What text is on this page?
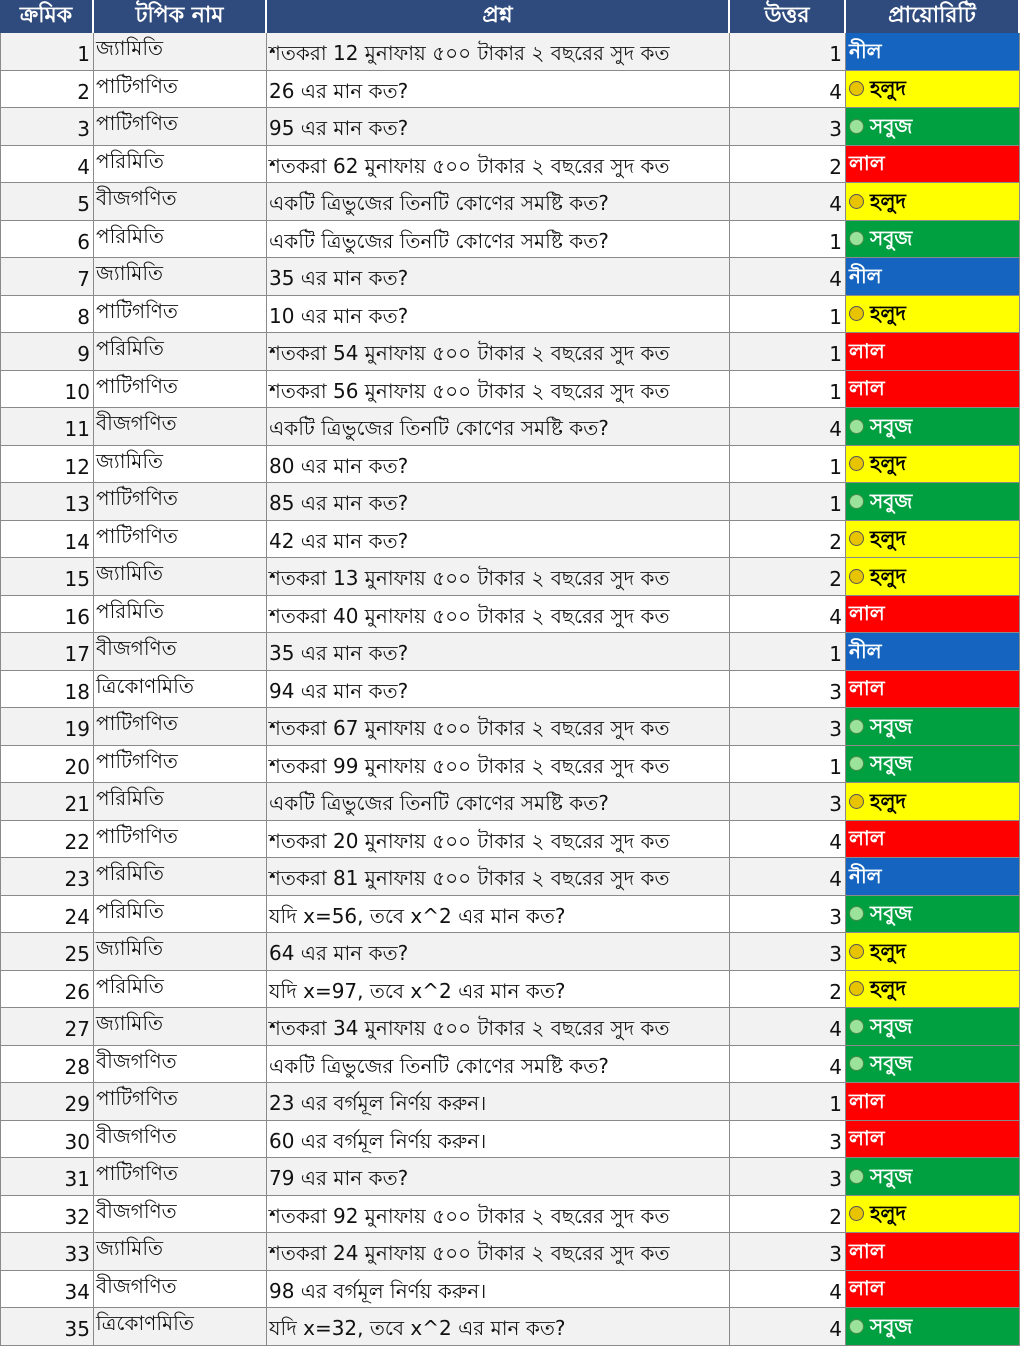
ক্রমিক	টপিক নাম	প্রশ্ন	উত্তর	প্রায়োরিটি
1 জ্যামিতি	শতকরা 12 মুনাফায় ৫০০ টাকার ২ বছরের সুদ কত	1 নীল
2 পাটিগণিত	26 এর মান কত?	4 হলুদ
3 পাটিগণিত	95 এর মান কত?	3 সবুজ
4 পরিমিতি	শতকরা 62 মুনাফায় ৫০০ টাকার ২ বছরের সুদ কত	2 লাল
5 বীজগণিত	একটি ত্রিভুজের তিনটি কোণের সমষ্টি কত?	4 হলুদ
6 পরিমিতি	একটি ত্রিভুজের তিনটি কোণের সমষ্টি কত?	1 সবুজ
7 জ্যামিতি	35 এর মান কত?	4 নীল
8 পাটিগণিত	10 এর মান কত?	1 হলুদ
9 পরিমিতি	শতকরা 54 মুনাফায় ৫০০ টাকার ২ বছরের সুদ কত	1 লাল
10 পাটিগণিত	শতকরা 56 মুনাফায় ৫০০ টাকার ২ বছরের সুদ কত	1 লাল
11 বীজগণিত	একটি ত্রিভুজের তিনটি কোণের সমষ্টি কত?	4 সবুজ
12 জ্যামিতি	80 এর মান কত?	1 হলুদ
13 পাটিগণিত	85 এর মান কত?	1 সবুজ
14 পাটিগণিত	42 এর মান কত?	2 হলুদ
15 জ্যামিতি	শতকরা 13 মুনাফায় ৫০০ টাকার ২ বছরের সুদ কত	2 হলুদ
16 পরিমিতি	শতকরা 40 মুনাফায় ৫০০ টাকার ২ বছরের সুদ কত	4 লাল
17 বীজগণিত	35 এর মান কত?	1 নীল
18 ত্রিকোণমিতি	94 এর মান কত?	3 লাল
19 পাটিগণিত	শতকরা 67 মুনাফায় ৫০০ টাকার ২ বছরের সুদ কত	3 সবুজ
20 পাটিগণিত	শতকরা 99 মুনাফায় ৫০০ টাকার ২ বছরের সুদ কত	1 সবুজ
21 পরিমিতি	একটি ত্রিভুজের তিনটি কোণের সমষ্টি কত?	3 হলুদ
22 পাটিগণিত	শতকরা 20 মুনাফায় ৫০০ টাকার ২ বছরের সুদ কত	4 লাল
23 পরিমিতি	শতকরা 81 মুনাফায় ৫০০ টাকার ২ বছরের সুদ কত	4 নীল
24 পরিমিতি	যদি x=56, তবে x^2 এর মান কত?	3 সবুজ
25 জ্যামিতি	64 এর মান কত?	3 হলুদ
26 পরিমিতি	যদি x=97, তবে x^2 এর মান কত?	2 হলুদ
27 জ্যামিতি	শতকরা 34 মুনাফায় ৫০০ টাকার ২ বছরের সুদ কত	4 সবুজ
28 বীজগণিত	একটি ত্রিভুজের তিনটি কোণের সমষ্টি কত?	4 সবুজ
29 পাটিগণিত	23 এর বর্গমূল নির্ণয় করুন।	1 লাল
30 বীজগণিত	60 এর বর্গমূল নির্ণয় করুন।	3 লাল
31 পাটিগণিত	79 এর মান কত?	3 সবুজ
32 বীজগণিত	শতকরা 92 মুনাফায় ৫০০ টাকার ২ বছরের সুদ কত	2 হলুদ
33 জ্যামিতি	শতকরা 24 মুনাফায় ৫০০ টাকার ২ বছরের সুদ কত	3 লাল
34 বীজগণিত	98 এর বর্গমূল নির্ণয় করুন।	4 লাল
35 ত্রিকোণমিতি	যদি x=32, তবে x^2 এর মান কত?	4 সবুজ
